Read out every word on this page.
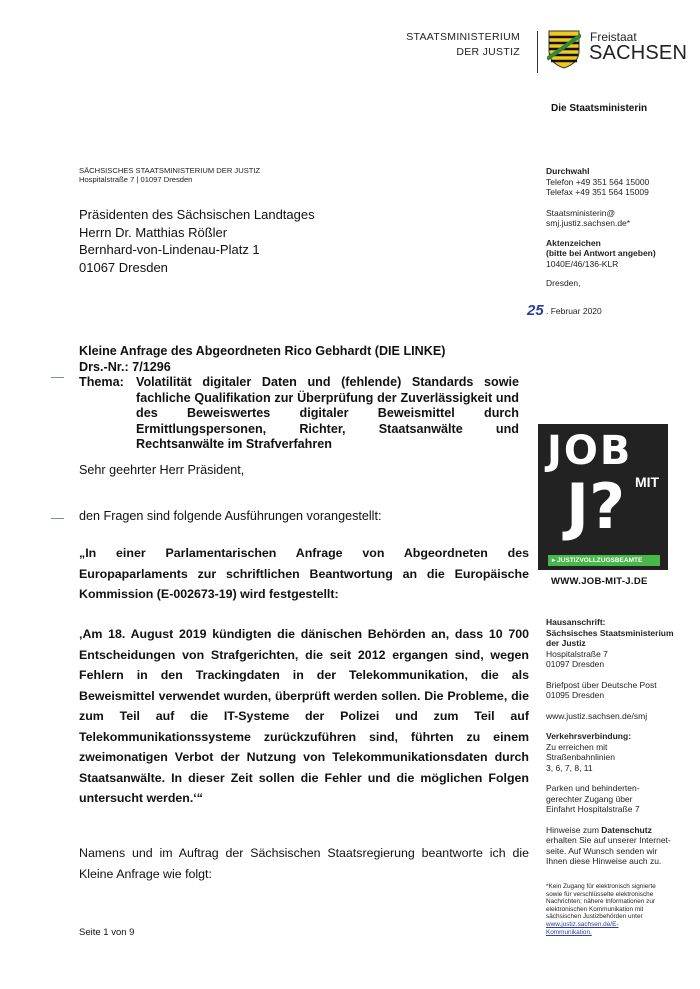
STAATSMINISTERIUM
DER JUSTIZ
Freistaat
SACHSEN
Die Staatsministerin
SÄCHSISCHES STAATSMINISTERIUM DER JUSTIZ
Hospitalstraße 7 | 01097 Dresden
Präsidenten des Sächsischen Landtages
Herrn Dr. Matthias Rößler
Bernhard-von-Lindenau-Platz 1
01067 Dresden
Durchwahl
Telefon +49 351 564 15000
Telefax +49 351 564 15009
Staatsministerin@
smj.justiz.sachsen.de*
Aktenzeichen
(bitte bei Antwort angeben)
1040E/46/136-KLR
Dresden,
25 . Februar 2020
Kleine Anfrage des Abgeordneten Rico Gebhardt (DIE LINKE)
Drs.-Nr.: 7/1296
Thema: Volatilität digitaler Daten und (fehlende) Standards sowie fachliche Qualifikation zur Überprüfung der Zuverlässigkeit und des Beweiswertes digitaler Beweismittel durch Ermittlungspersonen, Richter, Staatsanwälte und Rechtsanwälte im Strafverfahren
Sehr geehrter Herr Präsident,
den Fragen sind folgende Ausführungen vorangestellt:
„In einer Parlamentarischen Anfrage von Abgeordneten des Europaparlaments zur schriftlichen Beantwortung an die Europäische Kommission (E-002673-19) wird festgestellt:
‚Am 18. August 2019 kündigten die dänischen Behörden an, dass 10 700 Entscheidungen von Strafgerichten, die seit 2012 ergangen sind, wegen Fehlern in den Trackingdaten in der Telekommunikation, die als Beweismittel verwendet wurden, überprüft werden sollen. Die Probleme, die zum Teil auf die IT-Systeme der Polizei und zum Teil auf Telekommunikationssysteme zurückzuführen sind, führten zu einem zweimonatigen Verbot der Nutzung von Telekommunikationsdaten durch Staatsanwälte. In dieser Zeit sollen die Fehler und die möglichen Folgen untersucht werden.‘“
Namens und im Auftrag der Sächsischen Staatsregierung beantworte ich die Kleine Anfrage wie folgt:
Seite 1 von 9
JOB
MIT
J?
▸ JUSTIZVOLLZUGSBEAMTE
WWW.JOB-MIT-J.DE
Hausanschrift:
Sächsisches Staatsministerium
der Justiz
Hospitalstraße 7
01097 Dresden
Briefpost über Deutsche Post
01095 Dresden
www.justiz.sachsen.de/smj
Verkehrsverbindung:
Zu erreichen mit
Straßenbahnlinien
3, 6, 7, 8, 11
Parken und behinderten-
gerechter Zugang über
Einfahrt Hospitalstraße 7
Hinweise zum Datenschutz
erhalten Sie auf unserer Internet-
seite. Auf Wunsch senden wir
Ihnen diese Hinweise auch zu.
*Kein Zugang für elektronisch signierte
sowie für verschlüsselte elektronische
Nachrichten; nähere Informationen zur
elektronischen Kommunikation mit
sächsischen Justizbehörden unter
www.justiz.sachsen.de/E-
Kommunikation.
